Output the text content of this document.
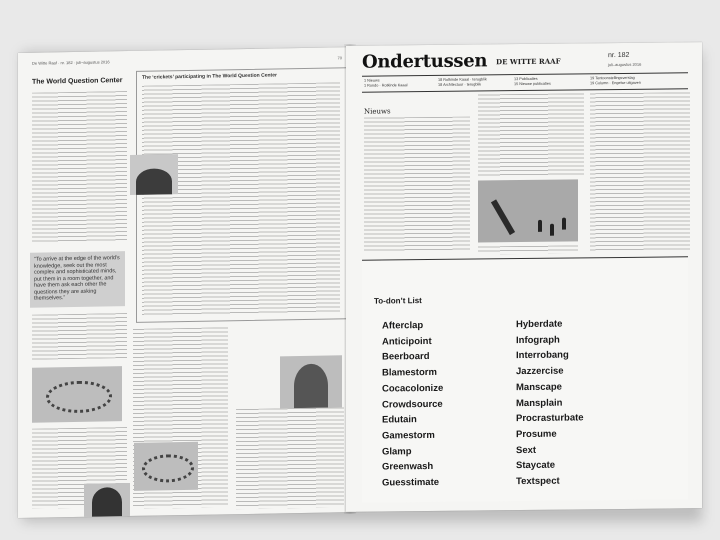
De Witte Raaf · nr. 182 · juli–augustus 2016
70
The World Question Center
“To arrive at the edge of the world’s knowledge, seek out the most complex and sophisticated minds, put them in a room together, and have them ask each other the questions they are asking themselves.”
The ‘crickets’ participating in The World Question Center
Ondertussen DE WITTE RAAF
nr. 182
juli–augustus 2016
1 Nieuws
1 Rondo · Rotkinde Kaaal
18 Rotkinde Kaaal · terugblik
18 Architectuur · terugblik
13 Publicaties
15 Nieuwe publicaties
19 Tentoonstellingsverslag
19 Column · Engelse uitgaven
Nieuws
To-don’t List
Afterclap
Anticipoint
Beerboard
Blamestorm
Cocacolonize
Crowdsource
Edutain
Gamestorm
Glamp
Greenwash
Guesstimate
Hyberdate
Infograph
Interrobang
Jazzercise
Manscape
Mansplain
Procrasturbate
Prosume
Sext
Staycate
Textspect
